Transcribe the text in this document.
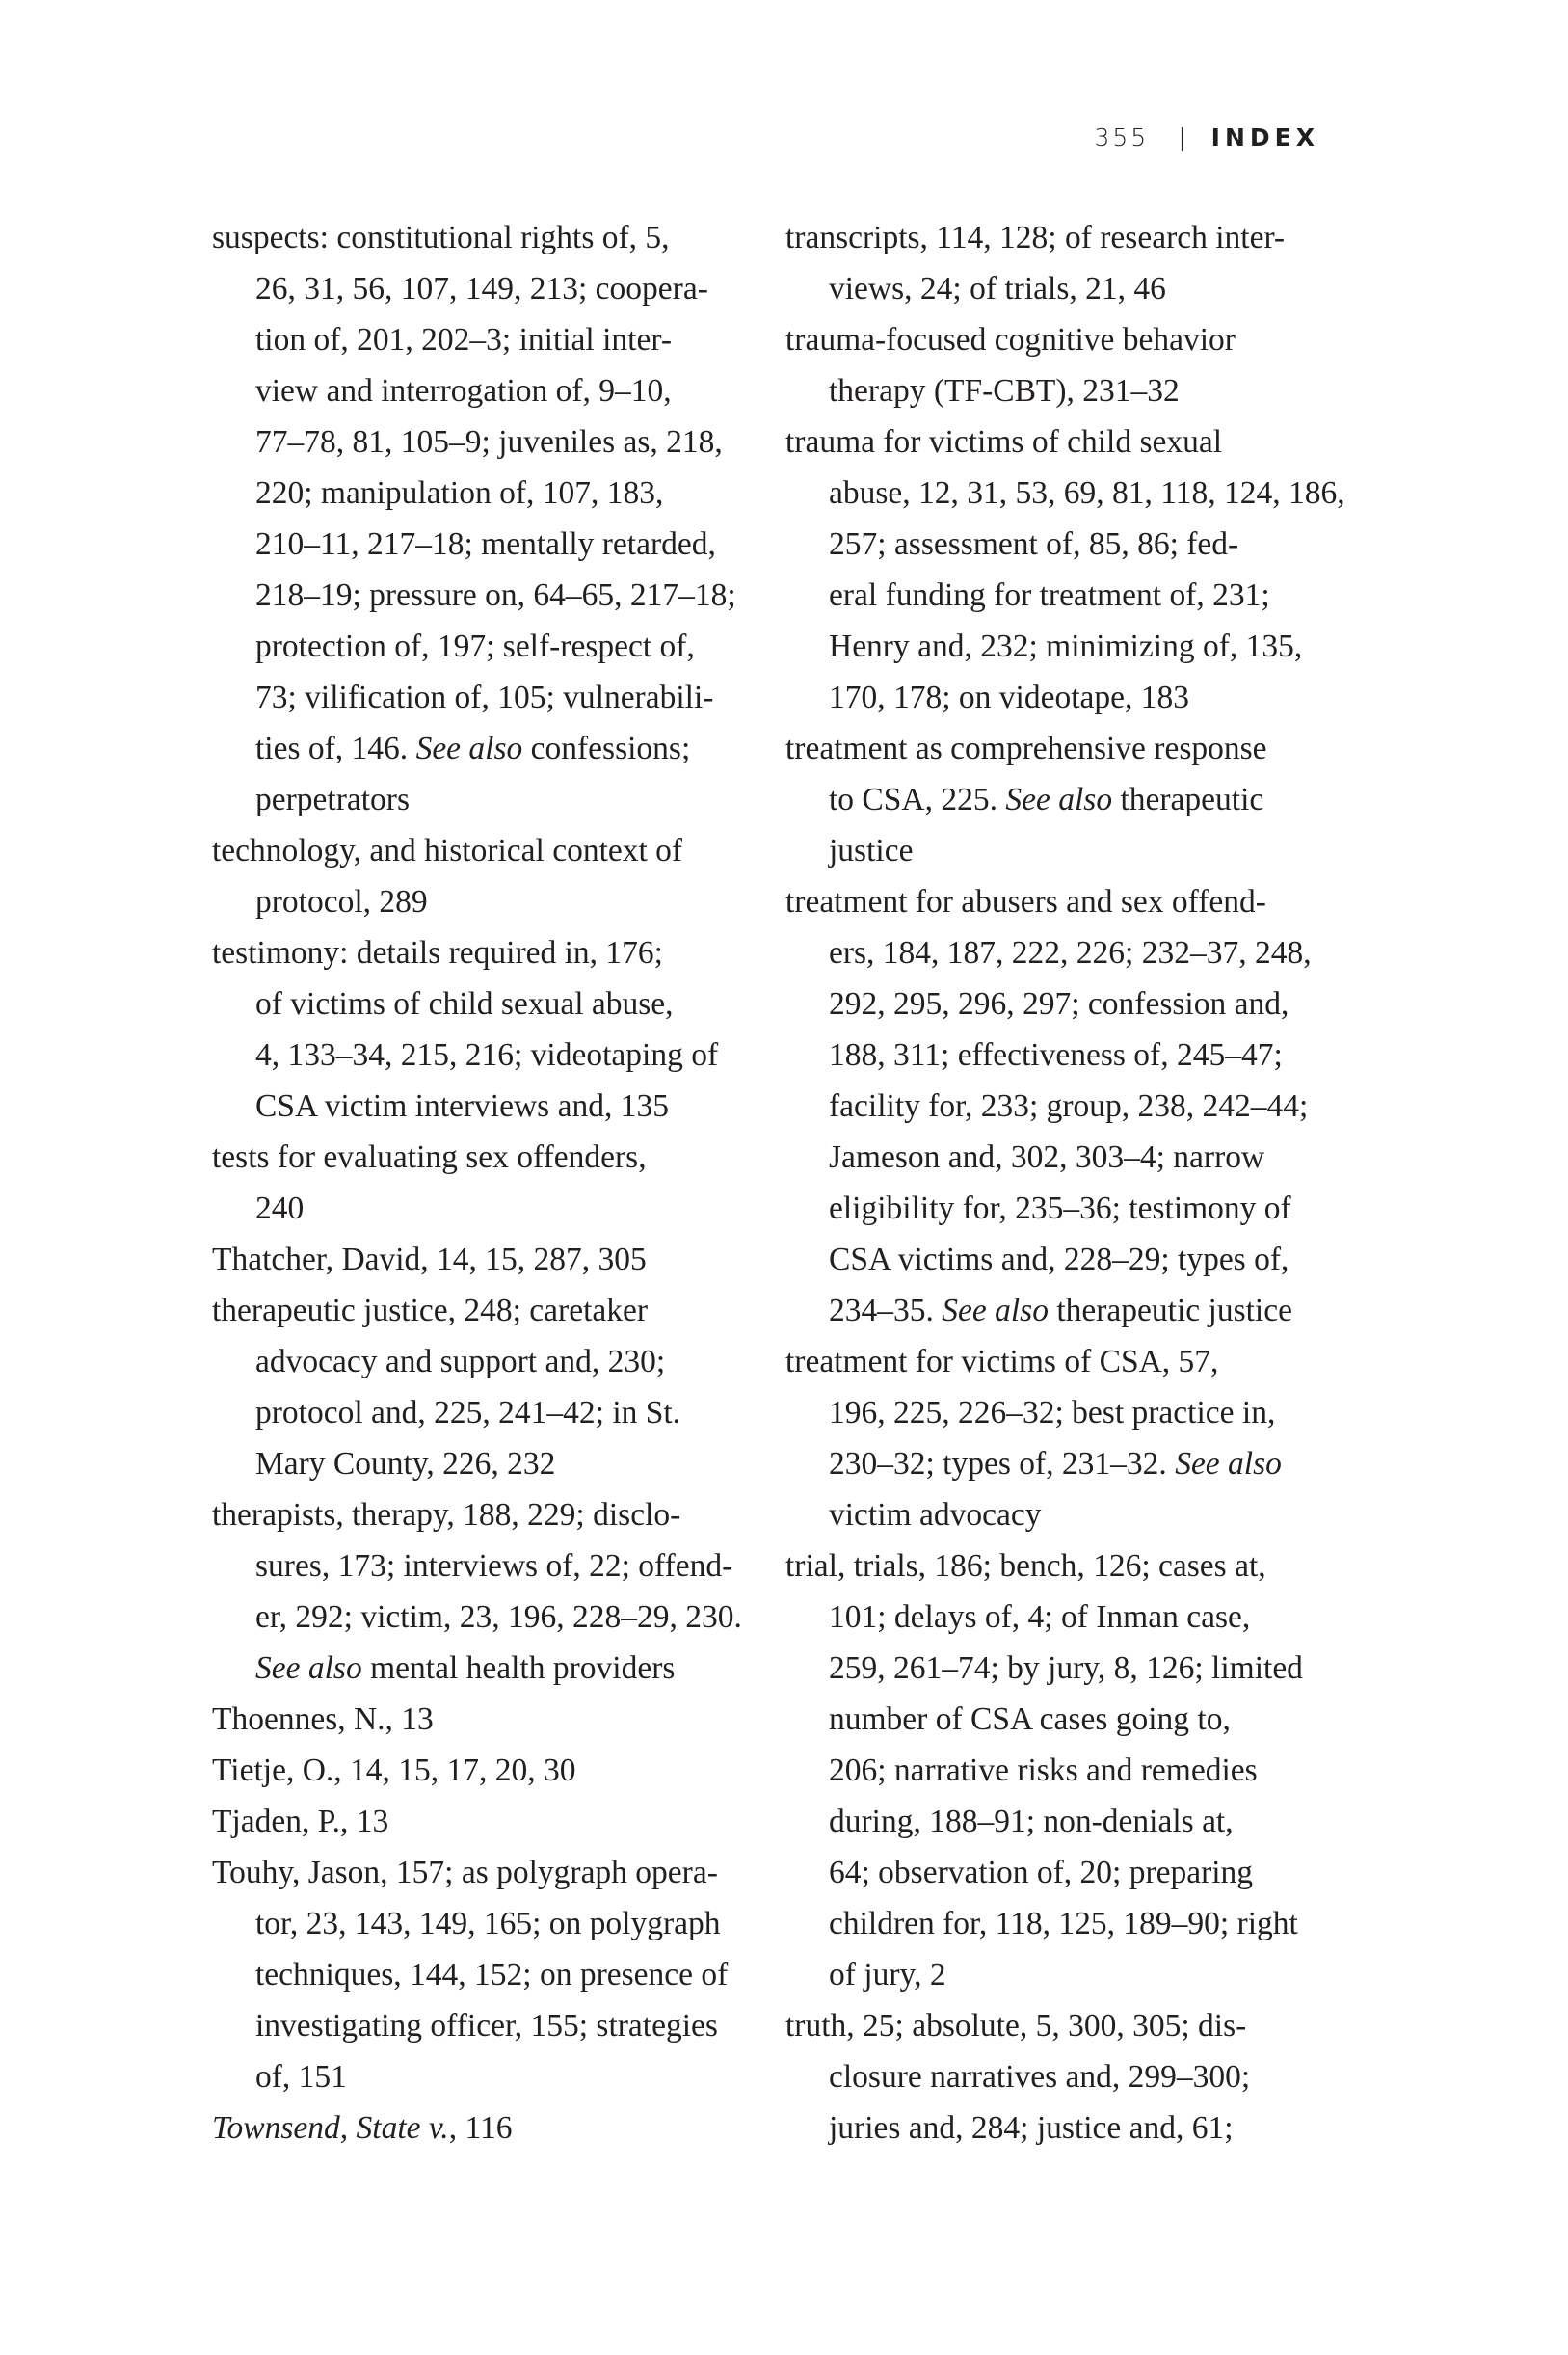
355 | INDEX
suspects: constitutional rights of, 5,
26, 31, 56, 107, 149, 213; coopera-
tion of, 201, 202–3; initial inter-
view and interrogation of, 9–10,
77–78, 81, 105–9; juveniles as, 218,
220; manipulation of, 107, 183,
210–11, 217–18; mentally retarded,
218–19; pressure on, 64–65, 217–18;
protection of, 197; self-respect of,
73; vilification of, 105; vulnerabili-
ties of, 146. See also confessions;
perpetrators
technology, and historical context of
protocol, 289
testimony: details required in, 176;
of victims of child sexual abuse,
4, 133–34, 215, 216; videotaping of
CSA victim interviews and, 135
tests for evaluating sex offenders,
240
Thatcher, David, 14, 15, 287, 305
therapeutic justice, 248; caretaker
advocacy and support and, 230;
protocol and, 225, 241–42; in St.
Mary County, 226, 232
therapists, therapy, 188, 229; disclo-
sures, 173; interviews of, 22; offend-
er, 292; victim, 23, 196, 228–29, 230.
See also mental health providers
Thoennes, N., 13
Tietje, O., 14, 15, 17, 20, 30
Tjaden, P., 13
Touhy, Jason, 157; as polygraph opera-
tor, 23, 143, 149, 165; on polygraph
techniques, 144, 152; on presence of
investigating officer, 155; strategies
of, 151
Townsend, State v., 116
transcripts, 114, 128; of research inter-
views, 24; of trials, 21, 46
trauma-focused cognitive behavior
therapy (TF-CBT), 231–32
trauma for victims of child sexual
abuse, 12, 31, 53, 69, 81, 118, 124, 186,
257; assessment of, 85, 86; fed-
eral funding for treatment of, 231;
Henry and, 232; minimizing of, 135,
170, 178; on videotape, 183
treatment as comprehensive response
to CSA, 225. See also therapeutic
justice
treatment for abusers and sex offend-
ers, 184, 187, 222, 226; 232–37, 248,
292, 295, 296, 297; confession and,
188, 311; effectiveness of, 245–47;
facility for, 233; group, 238, 242–44;
Jameson and, 302, 303–4; narrow
eligibility for, 235–36; testimony of
CSA victims and, 228–29; types of,
234–35. See also therapeutic justice
treatment for victims of CSA, 57,
196, 225, 226–32; best practice in,
230–32; types of, 231–32. See also
victim advocacy
trial, trials, 186; bench, 126; cases at,
101; delays of, 4; of Inman case,
259, 261–74; by jury, 8, 126; limited
number of CSA cases going to,
206; narrative risks and remedies
during, 188–91; non-denials at,
64; observation of, 20; preparing
children for, 118, 125, 189–90; right
of jury, 2
truth, 25; absolute, 5, 300, 305; dis-
closure narratives and, 299–300;
juries and, 284; justice and, 61;
